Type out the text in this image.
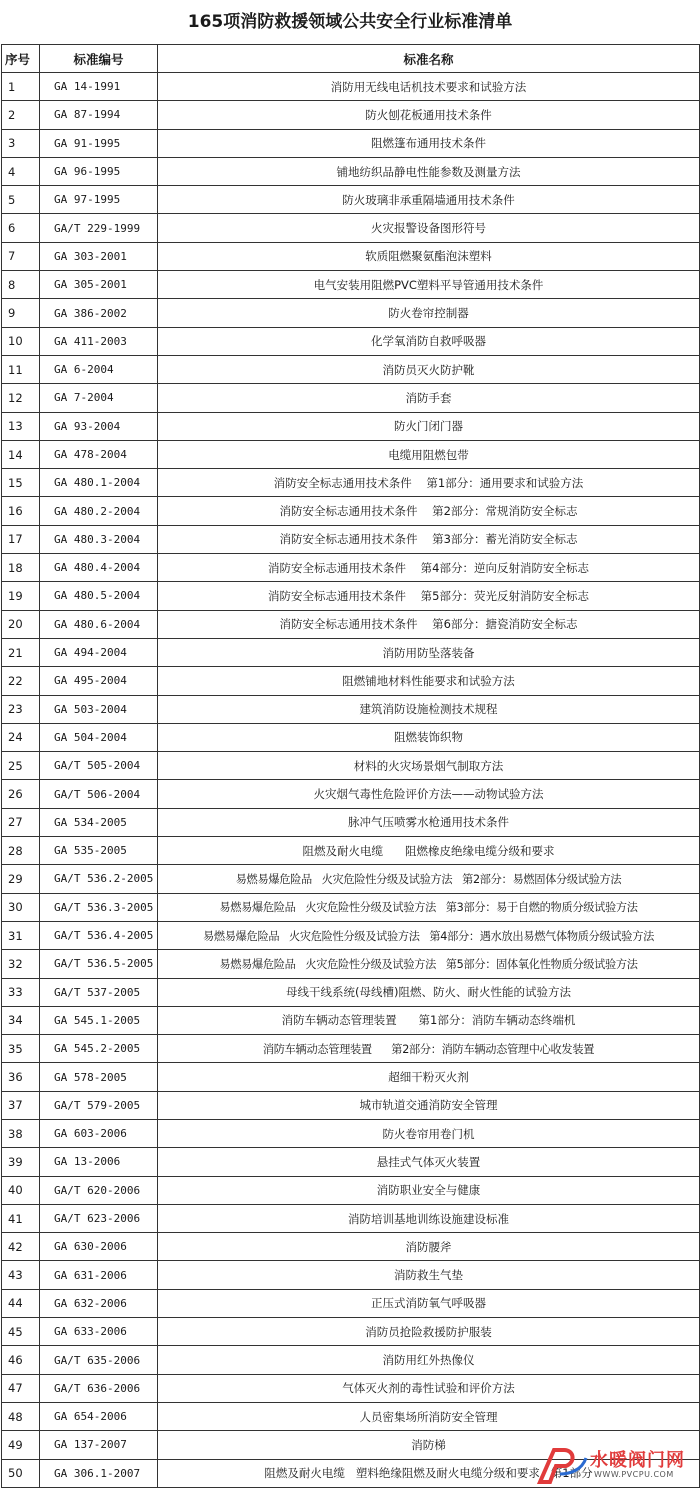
165项消防救援领域公共安全行业标准清单
序号	标准编号	标准名称
1	GA 14-1991	消防用无线电话机技术要求和试验方法
2	GA 87-1994	防火刨花板通用技术条件
3	GA 91-1995	阻燃篷布通用技术条件
4	GA 96-1995	铺地纺织品静电性能参数及测量方法
5	GA 97-1995	防火玻璃非承重隔墙通用技术条件
6	GA/T 229-1999	火灾报警设备图形符号
7	GA 303-2001	软质阻燃聚氨酯泡沫塑料
8	GA 305-2001	电气安装用阻燃PVC塑料平导管通用技术条件
9	GA 386-2002	防火卷帘控制器
10	GA 411-2003	化学氧消防自救呼吸器
11	GA 6-2004	消防员灭火防护靴
12	GA 7-2004	消防手套
13	GA 93-2004	防火门闭门器
14	GA 478-2004	电缆用阻燃包带
15	GA 480.1-2004	消防安全标志通用技术条件    第1部分：通用要求和试验方法
16	GA 480.2-2004	消防安全标志通用技术条件    第2部分：常规消防安全标志
17	GA 480.3-2004	消防安全标志通用技术条件    第3部分：蓄光消防安全标志
18	GA 480.4-2004	消防安全标志通用技术条件    第4部分：逆向反射消防安全标志
19	GA 480.5-2004	消防安全标志通用技术条件    第5部分：荧光反射消防安全标志
20	GA 480.6-2004	消防安全标志通用技术条件    第6部分：搪瓷消防安全标志
21	GA 494-2004	消防用防坠落装备
22	GA 495-2004	阻燃铺地材料性能要求和试验方法
23	GA 503-2004	建筑消防设施检测技术规程
24	GA 504-2004	阻燃装饰织物
25	GA/T 505-2004	材料的火灾场景烟气制取方法
26	GA/T 506-2004	火灾烟气毒性危险评价方法——动物试验方法
27	GA 534-2005	脉冲气压喷雾水枪通用技术条件
28	GA 535-2005	阻燃及耐火电缆      阻燃橡皮绝缘电缆分级和要求
29	GA/T 536.2-2005	易燃易爆危险品   火灾危险性分级及试验方法   第2部分：易燃固体分级试验方法
30	GA/T 536.3-2005	易燃易爆危险品   火灾危险性分级及试验方法   第3部分：易于自燃的物质分级试验方法
31	GA/T 536.4-2005	易燃易爆危险品   火灾危险性分级及试验方法   第4部分：遇水放出易燃气体物质分级试验方法
32	GA/T 536.5-2005	易燃易爆危险品   火灾危险性分级及试验方法   第5部分：固体氧化性物质分级试验方法
33	GA/T 537-2005	母线干线系统(母线槽)阻燃、防火、耐火性能的试验方法
34	GA 545.1-2005	消防车辆动态管理装置      第1部分：消防车辆动态终端机
35	GA 545.2-2005	消防车辆动态管理装置      第2部分：消防车辆动态管理中心收发装置
36	GA 578-2005	超细干粉灭火剂
37	GA/T 579-2005	城市轨道交通消防安全管理
38	GA 603-2006	防火卷帘用卷门机
39	GA 13-2006	悬挂式气体灭火装置
40	GA/T 620-2006	消防职业安全与健康
41	GA/T 623-2006	消防培训基地训练设施建设标准
42	GA 630-2006	消防腰斧
43	GA 631-2006	消防救生气垫
44	GA 632-2006	正压式消防氧气呼吸器
45	GA 633-2006	消防员抢险救援防护服装
46	GA/T 635-2006	消防用红外热像仪
47	GA/T 636-2006	气体灭火剂的毒性试验和评价方法
48	GA 654-2006	人员密集场所消防安全管理
49	GA 137-2007	消防梯
50	GA 306.1-2007	阻燃及耐火电缆   塑料绝缘阻燃及耐火电缆分级和要求   第1部分
水暖阀门网
WWW.PVCPU.COM
